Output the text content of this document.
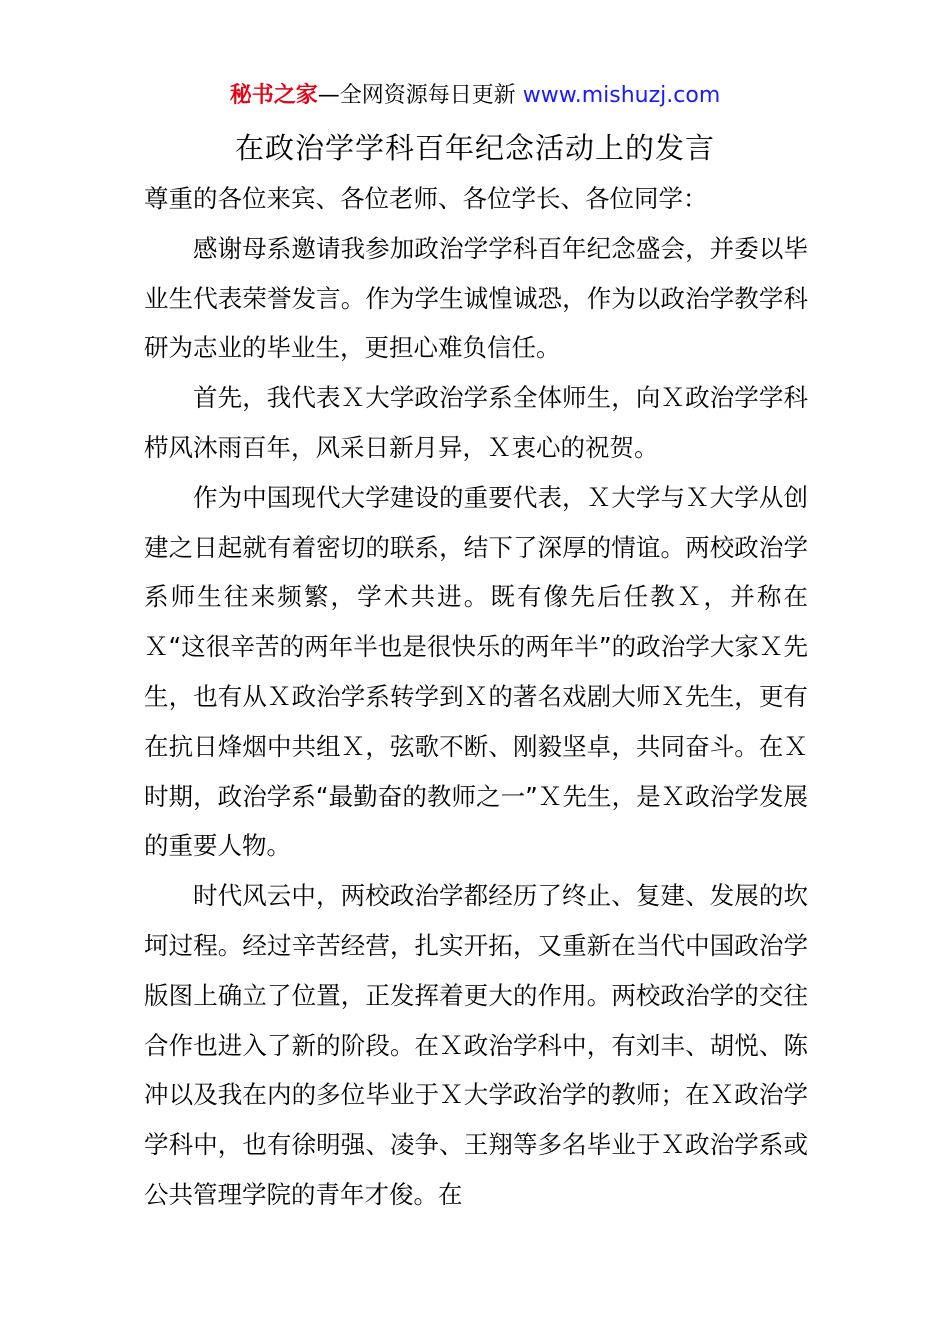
秘书之家—全网资源每日更新 www.mishuzj.com
在政治学学科百年纪念活动上的发言

尊重的各位来宾、各位老师、各位学长、各位同学：

感谢母系邀请我参加政治学学科百年纪念盛会，并委以毕业生代表荣誉发言。作为学生诚惶诚恐，作为以政治学教学科研为志业的毕业生，更担心难负信任。

首先，我代表Ｘ大学政治学系全体师生，向Ｘ政治学学科栉风沐雨百年，风采日新月异，Ｘ衷心的祝贺。

作为中国现代大学建设的重要代表，Ｘ大学与Ｘ大学从创建之日起就有着密切的联系，结下了深厚的情谊。两校政治学系师生往来频繁，学术共进。既有像先后任教Ｘ，并称在Ｘ“这很辛苦的两年半也是很快乐的两年半”的政治学大家Ｘ先生，也有从Ｘ政治学系转学到Ｘ的著名戏剧大师Ｘ先生，更有在抗日烽烟中共组Ｘ，弦歌不断、刚毅坚卓，共同奋斗。在Ｘ时期，政治学系“最勤奋的教师之一”Ｘ先生，是Ｘ政治学发展的重要人物。

时代风云中，两校政治学都经历了终止、复建、发展的坎坷过程。经过辛苦经营，扎实开拓，又重新在当代中国政治学版图上确立了位置，正发挥着更大的作用。两校政治学的交往合作也进入了新的阶段。在Ｘ政治学科中，有刘丰、胡悦、陈冲以及我在内的多位毕业于Ｘ大学政治学的教师；在Ｘ政治学学科中，也有徐明强、凌争、王翔等多名毕业于Ｘ政治学系或公共管理学院的青年才俊。在
